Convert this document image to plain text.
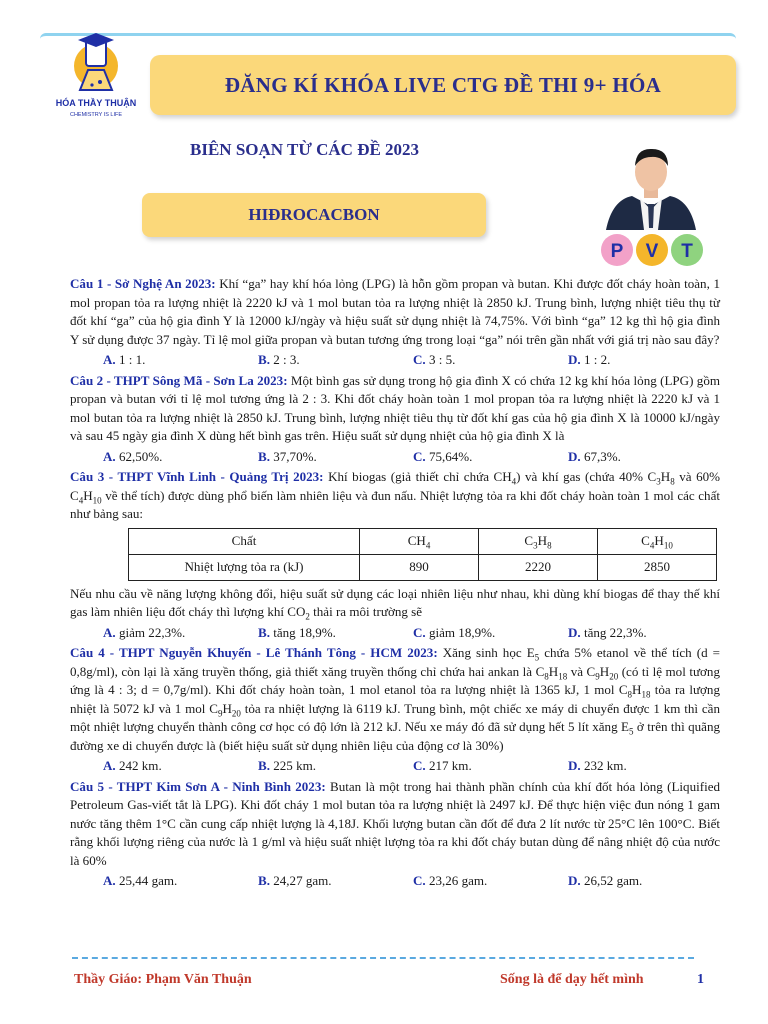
HÓA THẦY THUẬN
CHEMISTRY IS LIFE
ĐĂNG KÍ KHÓA LIVE CTG ĐỀ THI 9+ HÓA
BIÊN SOẠN TỪ CÁC ĐỀ 2023
HIĐROCACBON
P V T

Câu 1 - Sở Nghệ An 2023: Khí “ga” hay khí hóa lỏng (LPG) là hỗn gồm propan và butan. Khi được đốt cháy hoàn toàn, 1 mol propan tỏa ra lượng nhiệt là 2220 kJ và 1 mol butan tỏa ra lượng nhiệt là 2850 kJ. Trung bình, lượng nhiệt tiêu thụ từ đốt khí “ga” của hộ gia đình Y là 12000 kJ/ngày và hiệu suất sử dụng nhiệt là 74,75%. Với bình “ga” 12 kg thì hộ gia đình Y sử dụng được 37 ngày. Tỉ lệ mol giữa propan và butan tương ứng trong loại “ga” nói trên gần nhất với giá trị nào sau đây?

A. 1 : 1.	B. 2 : 3.	C. 3 : 5.	D. 1 : 2.

Câu 2 - THPT Sông Mã - Sơn La 2023: Một bình gas sử dụng trong hộ gia đình X có chứa 12 kg khí hóa lỏng (LPG) gồm propan và butan với tỉ lệ mol tương ứng là 2 : 3. Khi đốt cháy hoàn toàn 1 mol propan tỏa ra lượng nhiệt là 2220 kJ và 1 mol butan tỏa ra lượng nhiệt là 2850 kJ. Trung bình, lượng nhiệt tiêu thụ từ đốt khí gas của hộ gia đình X là 10000 kJ/ngày và sau 45 ngày gia đình X dùng hết bình gas trên. Hiệu suất sử dụng nhiệt của hộ gia đình X là

A. 62,50%.	B. 37,70%.	C. 75,64%.	D. 67,3%.

Câu 3 - THPT Vĩnh Linh - Quảng Trị 2023: Khí biogas (giả thiết chỉ chứa $CH_4$) và khí gas (chứa 40% $C_3H_8$ và 60% $C_4H_{10}$ về thể tích) được dùng phổ biến làm nhiên liệu và đun nấu. Nhiệt lượng tỏa ra khi đốt cháy hoàn toàn 1 mol các chất như bảng sau:

Chất	$CH_4$	$C_3H_8$	$C_4H_{10}$
Nhiệt lượng tỏa ra (kJ)	890	2220	2850

Nếu nhu cầu về năng lượng không đổi, hiệu suất sử dụng các loại nhiên liệu như nhau, khi dùng khí biogas để thay thế khí gas làm nhiên liệu đốt cháy thì lượng khí $CO_2$ thải ra môi trường sẽ

A. giảm 22,3%.	B. tăng 18,9%.	C. giảm 18,9%.	D. tăng 22,3%.

Câu 4 - THPT Nguyễn Khuyến - Lê Thánh Tông - HCM 2023: Xăng sinh học $E_5$ chứa 5% etanol về thể tích (d = 0,8g/ml), còn lại là xăng truyền thống, giả thiết xăng truyền thống chỉ chứa hai ankan là $C_8H_{18}$ và $C_9H_{20}$ (có tỉ lệ mol tương ứng là 4 : 3; d = 0,7g/ml). Khi đốt cháy hoàn toàn, 1 mol etanol tỏa ra lượng nhiệt là 1365 kJ, 1 mol $C_8H_{18}$ tỏa ra lượng nhiệt là 5072 kJ và 1 mol $C_9H_{20}$ tỏa ra nhiệt lượng là 6119 kJ. Trung bình, một chiếc xe máy di chuyển được 1 km thì cần một nhiệt lượng chuyển thành công cơ học có độ lớn là 212 kJ. Nếu xe máy đó đã sử dụng hết 5 lít xăng $E_5$ ở trên thì quãng đường xe di chuyển được là (biết hiệu suất sử dụng nhiên liệu của động cơ là 30%)

A. 242 km.	B. 225 km.	C. 217 km.	D. 232 km.

Câu 5 - THPT Kim Sơn A - Ninh Bình 2023: Butan là một trong hai thành phần chính của khí đốt hóa lỏng (Liquified Petroleum Gas-viết tắt là LPG). Khi đốt cháy 1 mol butan tỏa ra lượng nhiệt là 2497 kJ. Để thực hiện việc đun nóng 1 gam nước tăng thêm 1°C cần cung cấp nhiệt lượng là 4,18J. Khối lượng butan cần đốt để đưa 2 lít nước từ 25°C lên 100°C. Biết rằng khối lượng riêng của nước là 1 g/ml và hiệu suất nhiệt lượng tỏa ra khi đốt cháy butan dùng để nâng nhiệt độ của nước là 60%

A. 25,44 gam.	B. 24,27 gam.	C. 23,26 gam.	D. 26,52 gam.
Thầy Giáo: Phạm Văn Thuận	Sống là để dạy hết mình	1
